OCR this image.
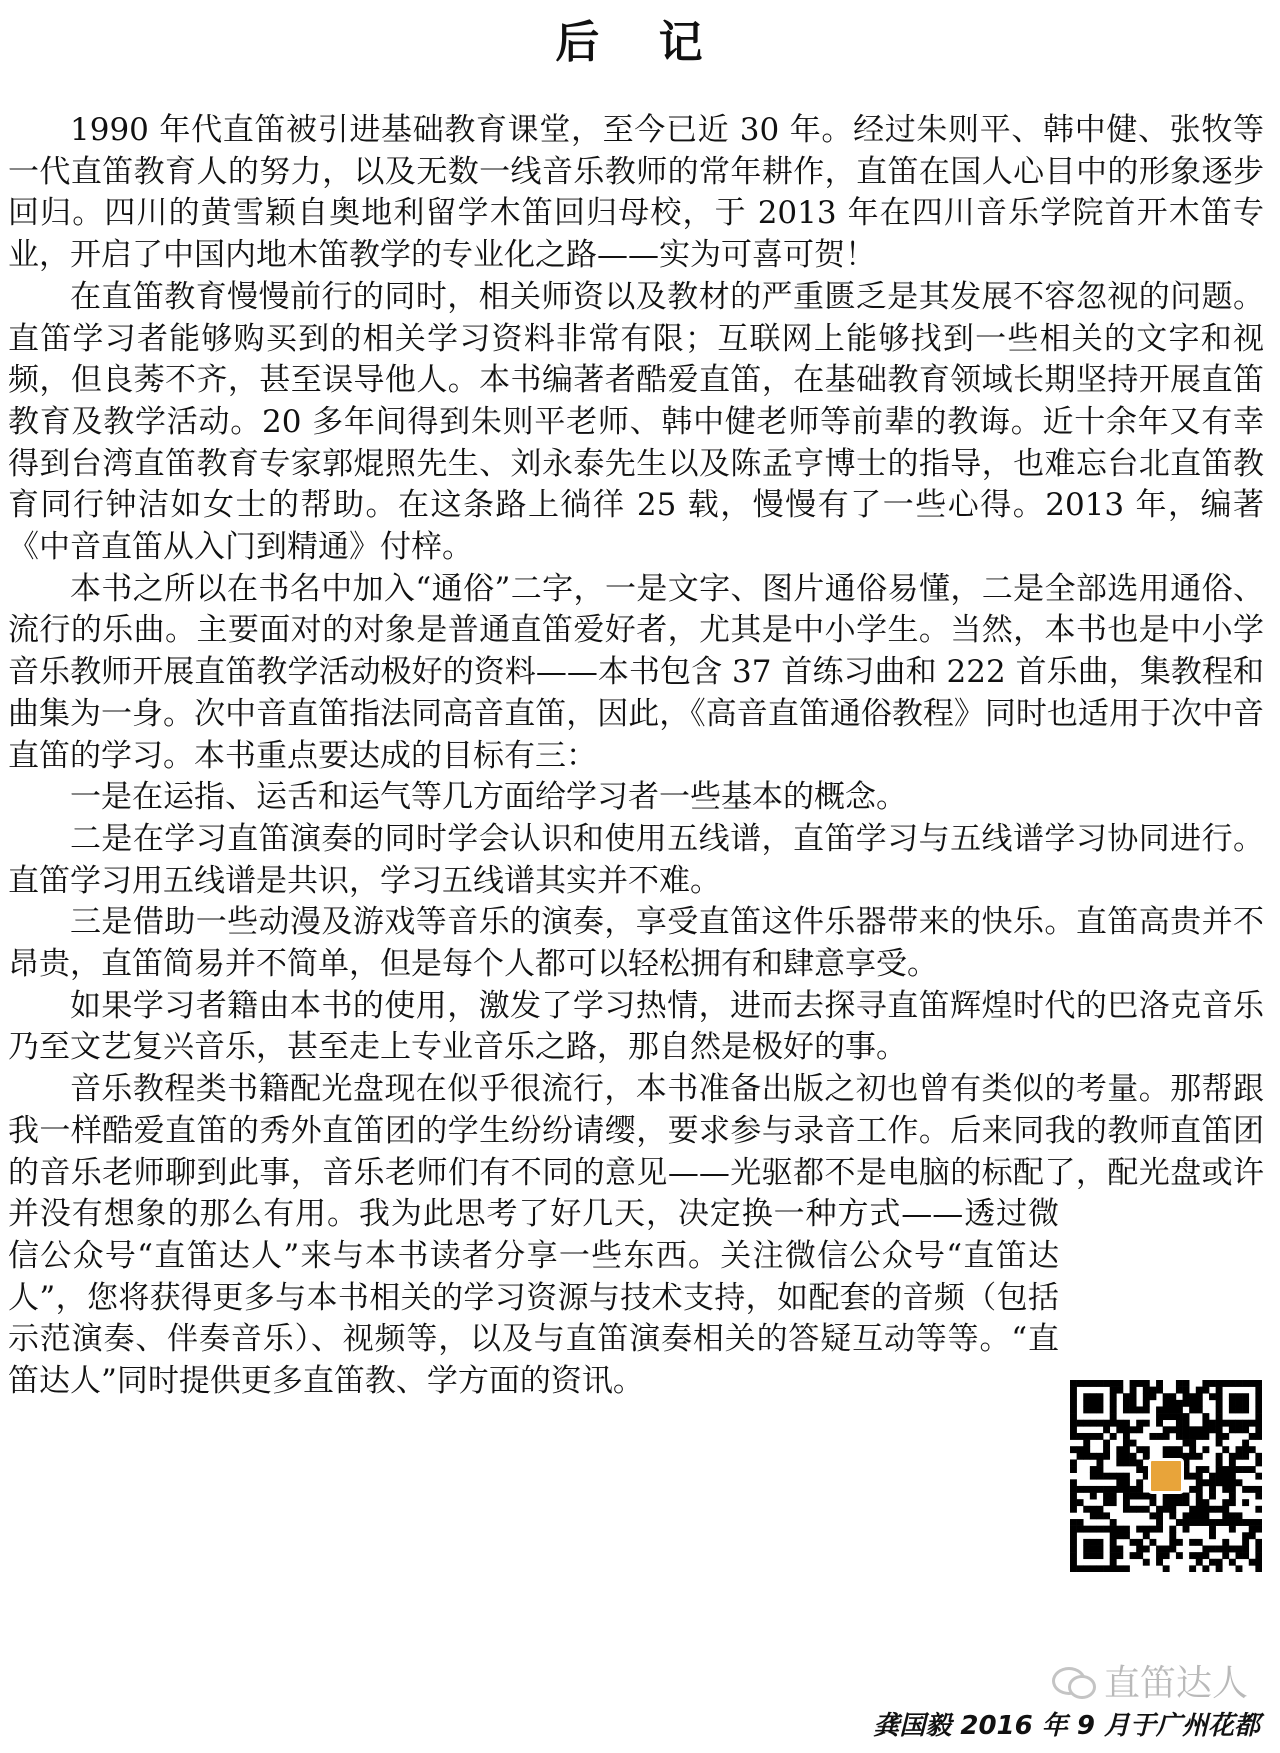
后 记

1990 年代直笛被引进基础教育课堂，至今已近 30 年。经过朱则平、韩中健、张牧等一代直笛教育人的努力，以及无数一线音乐教师的常年耕作，直笛在国人心目中的形象逐步回归。四川的黄雪颖自奥地利留学木笛回归母校，于 2013 年在四川音乐学院首开木笛专业，开启了中国内地木笛教学的专业化之路——实为可喜可贺！

在直笛教育慢慢前行的同时，相关师资以及教材的严重匮乏是其发展不容忽视的问题。直笛学习者能够购买到的相关学习资料非常有限；互联网上能够找到一些相关的文字和视频，但良莠不齐，甚至误导他人。本书编著者酷爱直笛，在基础教育领域长期坚持开展直笛教育及教学活动。20 多年间得到朱则平老师、韩中健老师等前辈的教诲。近十余年又有幸得到台湾直笛教育专家郭焜照先生、刘永泰先生以及陈孟亨博士的指导，也难忘台北直笛教育同行钟洁如女士的帮助。在这条路上徜徉 25 载，慢慢有了一些心得。2013 年，编著《中音直笛从入门到精通》付梓。

本书之所以在书名中加入“通俗”二字，一是文字、图片通俗易懂，二是全部选用通俗、流行的乐曲。主要面对的对象是普通直笛爱好者，尤其是中小学生。当然，本书也是中小学音乐教师开展直笛教学活动极好的资料——本书包含 37 首练习曲和 222 首乐曲，集教程和曲集为一身。次中音直笛指法同高音直笛，因此，《高音直笛通俗教程》同时也适用于次中音直笛的学习。本书重点要达成的目标有三：

一是在运指、运舌和运气等几方面给学习者一些基本的概念。

二是在学习直笛演奏的同时学会认识和使用五线谱，直笛学习与五线谱学习协同进行。直笛学习用五线谱是共识，学习五线谱其实并不难。

三是借助一些动漫及游戏等音乐的演奏，享受直笛这件乐器带来的快乐。直笛高贵并不昂贵，直笛简易并不简单，但是每个人都可以轻松拥有和肆意享受。

如果学习者籍由本书的使用，激发了学习热情，进而去探寻直笛辉煌时代的巴洛克音乐乃至文艺复兴音乐，甚至走上专业音乐之路，那自然是极好的事。

音乐教程类书籍配光盘现在似乎很流行，本书准备出版之初也曾有类似的考量。那帮跟我一样酷爱直笛的秀外直笛团的学生纷纷请缨，要求参与录音工作。后来同我的教师直笛团的音乐老师聊到此事，音乐老师们有不同的意见——光驱都不是电脑的标配了，配光盘或许并没有想象的那么有用。我为此思考了好几天，决定换一种方式——
透过微信公众号“直笛达人”来与本书读者分享一些东西。关注微信公众号“直笛达人”，您将获得更多与本书相关的学习资源与技术支持，如配套的音频（包括示范演奏、伴奏音乐）、视频等，以及与直笛演奏相关的答疑互动等等。“直笛达人”同时提供更多直笛教、学方面的资讯。

直笛达人
龚国毅 2016 年 9 月于广州花都
